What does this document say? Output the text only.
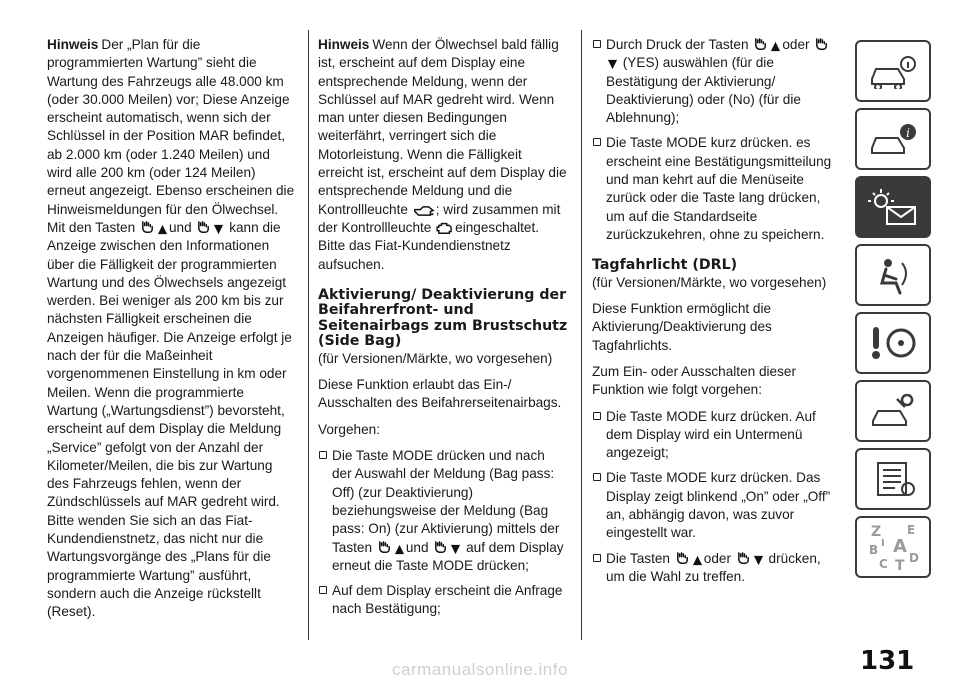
Hinweis Der „Plan für die programmierten Wartung” sieht die Wartung des Fahrzeugs alle 48.000 km (oder 30.000 Meilen) vor; Diese Anzeige erscheint automatisch, wenn sich der Schlüssel in der Position MAR befindet, ab 2.000 km (oder 1.240 Meilen) und wird alle 200 km (oder 124 Meilen) erneut angezeigt. Ebenso erscheinen die Hinweismeldungen für den Ölwechsel. Mit den Tasten und	kann die Anzeige zwischen den Informationen über die Fälligkeit der programmierten Wartung und des Ölwechsels angezeigt werden. Bei weniger als 200 km bis zur nächsten Fälligkeit erscheinen die Anzeigen häufiger. Die Anzeige erfolgt je nach der für die Maßeinheit vorgenommenen Einstellung in km oder Meilen. Wenn die programmierte Wartung („Wartungsdienst”) bevorsteht, erscheint auf dem Display die Meldung „Service” gefolgt von der Anzahl der Kilometer/Meilen, die bis zur Wartung des Fahrzeugs fehlen, wenn der Zündschlüssels auf MAR gedreht wird. Bitte wenden Sie sich an das Fiat-Kundendienstnetz, das nicht nur die Wartungsvorgänge des „Plans für die programmierte Wartung” ausführt, sondern auch die Anzeige rückstellt (Reset).

Hinweis Wenn der Ölwechsel bald fällig ist, erscheint auf dem Display eine entsprechende Meldung, wenn der Schlüssel auf MAR gedreht wird. Wenn man unter diesen Bedingungen weiterfährt, verringert sich die Motorleistung. Wenn die Fälligkeit erreicht ist, erscheint auf dem Display die entsprechende Meldung und die Kontrollleuchte ; wird zusammen mit der Kontrollleuchte eingeschaltet. Bitte das Fiat-Kundendienstnetz aufsuchen.

Aktivierung/ Deaktivierung der Beifahrerfront- und Seitenairbags zum Brustschutz (Side Bag)

(für Versionen/Märkte, wo vorgesehen)

Diese Funktion erlaubt das Ein-/ Ausschalten des Beifahrerseitenairbags.

Vorgehen:

Die Taste MODE drücken und nach der Auswahl der Meldung (Bag pass: Off) (zur Deaktivierung) beziehungsweise der Meldung (Bag pass: On) (zur Aktivierung) mittels der Tasten und	auf dem Display erneut die Taste MODE drücken;
Auf dem Display erscheint die Anfrage nach Bestätigung;
Durch Druck der Tasten oder  (YES) auswählen (für die Bestätigung der Aktivierung/ Deaktivierung) oder (No) (für die Ablehnung);
Die Taste MODE kurz drücken. es erscheint eine Bestätigungsmitteilung und man kehrt auf die Menüseite zurück oder die Taste lang drücken, um auf die Standardseite zurückzukehren, ohne zu speichern.
Tagfahrlicht (DRL)

(für Versionen/Märkte, wo vorgesehen)

Diese Funktion ermöglicht die Aktivierung/Deaktivierung des Tagfahrlichts.

Zum Ein- oder Ausschalten dieser Funktion wie folgt vorgehen:

Die Taste MODE kurz drücken. Auf dem Display wird ein Untermenü angezeigt;
Die Taste MODE kurz drücken. Das Display zeigt blinkend „On” oder „Off” an, abhängig davon, was zuvor eingestellt war.
Die Tasten oder	drücken, um die Wahl zu treffen.
i
Z E
B A
C T D
I
131
carmanualsonline.info
